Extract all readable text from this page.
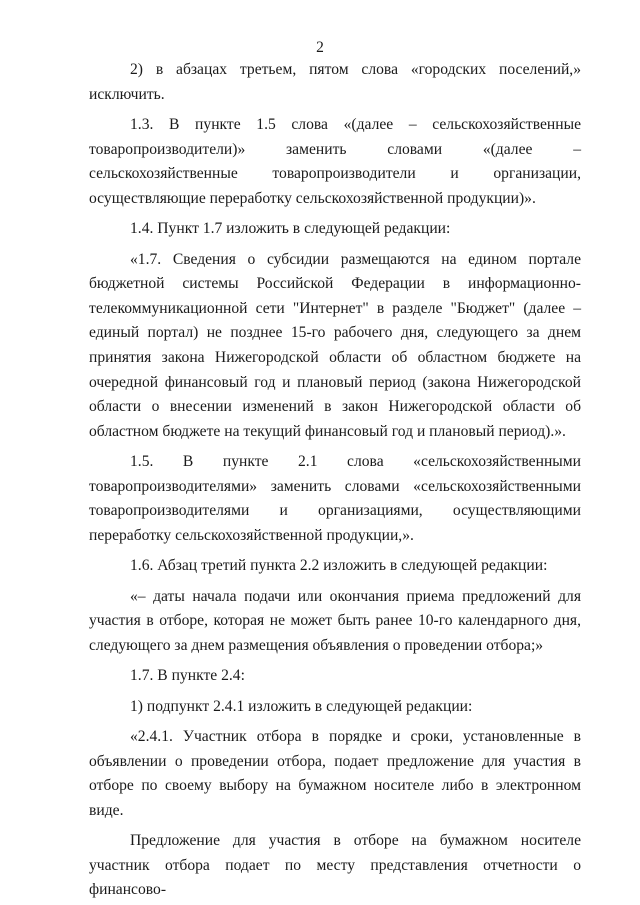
2

2) в абзацах третьем, пятом слова «городских поселений,» исключить.

1.3. В пункте 1.5 слова «(далее – сельскохозяйственные товаропроизводители)» заменить словами «(далее – сельскохозяйственные товаропроизводители и организации, осуществляющие переработку сельскохозяйственной продукции)».

1.4. Пункт 1.7 изложить в следующей редакции:

«1.7. Сведения о субсидии размещаются на едином портале бюджетной системы Российской Федерации в информационно-телекоммуникационной сети "Интернет" в разделе "Бюджет" (далее – единый портал) не позднее 15-го рабочего дня, следующего за днем принятия закона Нижегородской области об областном бюджете на очередной финансовый год и плановый период (закона Нижегородской области о внесении изменений в закон Нижегородской области об областном бюджете на текущий финансовый год и плановый период).».

1.5. В пункте 2.1 слова «сельскохозяйственными товаропроизводителями» заменить словами «сельскохозяйственными товаропроизводителями и организациями, осуществляющими переработку сельскохозяйственной продукции,».

1.6. Абзац третий пункта 2.2 изложить в следующей редакции:

«– даты начала подачи или окончания приема предложений для участия в отборе, которая не может быть ранее 10-го календарного дня, следующего за днем размещения объявления о проведении отбора;»

1.7. В пункте 2.4:

1) подпункт 2.4.1 изложить в следующей редакции:

«2.4.1. Участник отбора в порядке и сроки, установленные в объявлении о проведении отбора, подает предложение для участия в отборе по своему выбору на бумажном носителе либо в электронном виде.

Предложение для участия в отборе на бумажном носителе участник отбора подает по месту представления отчетности о финансово-
